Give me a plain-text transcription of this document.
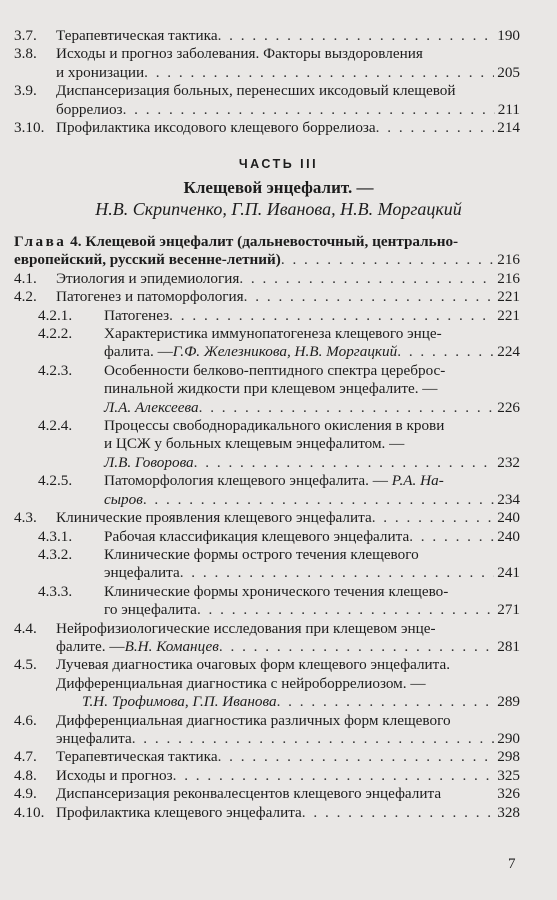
3.7.	Терапевтическая тактика . . .	190
3.8.	Исходы и прогноз заболевания. Факторы выздоровления
и хронизации . . .	205
3.9.	Диспансеризация больных, перенесших иксодовый клещевой
боррелиоз . . .	211
3.10. Профилактика иксодового клещевого боррелиоза . . .	214
ЧАСТЬ III
Клещевой энцефалит. —
Н.В. Скрипченко, Г.П. Иванова, Н.В. Моргацкий
Глава 4. Клещевой энцефалит (дальневосточный, центрально-
европейский, русский весенне-летний) . . .	216
4.1.	Этиология и эпидемиология . . .	216
4.2.	Патогенез и патоморфология . . .	221
4.2.1.	Патогенез . . .	221
4.2.2.	Характеристика иммунопатогенеза клещевого энце-
фалита. — Г.Ф. Железникова, Н.В. Моргацкий . . .	224
4.2.3.	Особенности белково-пептидного спектра цереброс-
пинальной жидкости при клещевом энцефалите. —
Л.А. Алексеева . . .	226
4.2.4.	Процессы свободнорадикального окисления в крови
и ЦСЖ у больных клещевым энцефалитом. —
Л.В. Говорова . . .	232
4.2.5.	Патоморфология клещевого энцефалита. — Р.А. На-
сыров . . .	234
4.3.	Клинические проявления клещевого энцефалита . . .	240
4.3.1.	Рабочая классификация клещевого энцефалита . . .	240
4.3.2.	Клинические формы острого течения клещевого
энцефалита . . .	241
4.3.3.	Клинические формы хронического течения клещево-
го энцефалита . . .	271
4.4.	Нейрофизиологические исследования при клещевом энце-
фалите. — В.Н. Команцев . . .	281
4.5.	Лучевая диагностика очаговых форм клещевого энцефалита.
Дифференциальная диагностика с нейроборрелиозом. —
Т.Н. Трофимова, Г.П. Иванова . . .	289
4.6.	Дифференциальная диагностика различных форм клещевого
энцефалита . . .	290
4.7.	Терапевтическая тактика . . .	298
4.8.	Исходы и прогноз . . .	325
4.9.	Диспансеризация реконвалесцентов клещевого энцефалита	326
4.10. Профилактика клещевого энцефалита . . .	328
7
